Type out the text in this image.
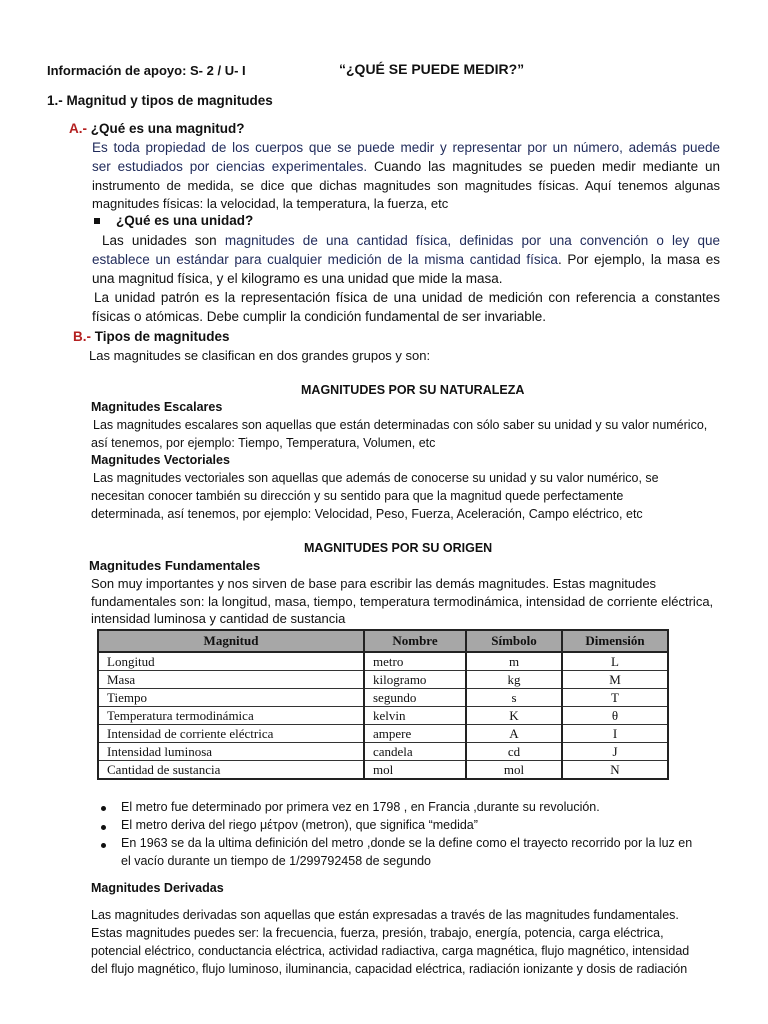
Información de apoyo: S- 2 / U- I	“¿QUÉ SE PUEDE MEDIR?”
1.- Magnitud y tipos de magnitudes
A.- ¿Qué es una magnitud?
Es toda propiedad de los cuerpos que se puede medir y representar por un número, además puede
ser estudiados por ciencias experimentales. Cuando las magnitudes se pueden medir mediante un
instrumento de medida, se dice que dichas magnitudes son magnitudes físicas. Aquí tenemos algunas
magnitudes físicas: la velocidad, la temperatura, la fuerza, etc
¿Qué es una unidad?
Las unidades son magnitudes de una cantidad física, definidas por una convención o ley que
establece un estándar para cualquier medición de la misma cantidad física. Por ejemplo, la masa es
una magnitud física, y el kilogramo es una unidad que mide la masa.
La unidad patrón es la representación física de una unidad de medición con referencia a constantes
físicas o atómicas. Debe cumplir la condición fundamental de ser invariable.
B.- Tipos de magnitudes
Las magnitudes se clasifican en dos grandes grupos y son:
MAGNITUDES POR SU NATURALEZA
Magnitudes Escalares
Las magnitudes escalares son aquellas que están determinadas con sólo saber su unidad y su valor numérico,
así tenemos, por ejemplo: Tiempo, Temperatura, Volumen, etc
Magnitudes Vectoriales
Las magnitudes vectoriales son aquellas que además de conocerse su unidad y su valor numérico, se
necesitan conocer también su dirección y su sentido para que la magnitud quede perfectamente
determinada, así tenemos, por ejemplo: Velocidad, Peso, Fuerza, Aceleración, Campo eléctrico, etc
MAGNITUDES POR SU ORIGEN
Magnitudes Fundamentales
Son muy importantes y nos sirven de base para escribir las demás magnitudes. Estas magnitudes
fundamentales son: la longitud, masa, tiempo, temperatura termodinámica, intensidad de corriente eléctrica,
intensidad luminosa y cantidad de sustancia
Magnitud	Nombre	Símbolo	Dimensión
Longitud	metro	m	L
Masa	kilogramo	kg	M
Tiempo	segundo	s	T
Temperatura termodinámica	kelvin	K	θ
Intensidad de corriente eléctrica	ampere	A	I
Intensidad luminosa	candela	cd	J
Cantidad de sustancia	mol	mol	N
El metro fue determinado por primera vez en 1798 , en Francia ,durante su revolución.
El metro deriva del riego μέτρον (metron), que significa “medida”
En 1963 se da la ultima definición del metro ,donde se la define como el trayecto recorrido por la luz en
el vacío durante un tiempo de 1/299792458 de segundo
Magnitudes Derivadas
Las magnitudes derivadas son aquellas que están expresadas a través de las magnitudes fundamentales.
Estas magnitudes puedes ser: la frecuencia, fuerza, presión, trabajo, energía, potencia, carga eléctrica,
potencial eléctrico, conductancia eléctrica, actividad radiactiva, carga magnética, flujo magnético, intensidad
del flujo magnético, flujo luminoso, iluminancia, capacidad eléctrica, radiación ionizante y dosis de radiación
